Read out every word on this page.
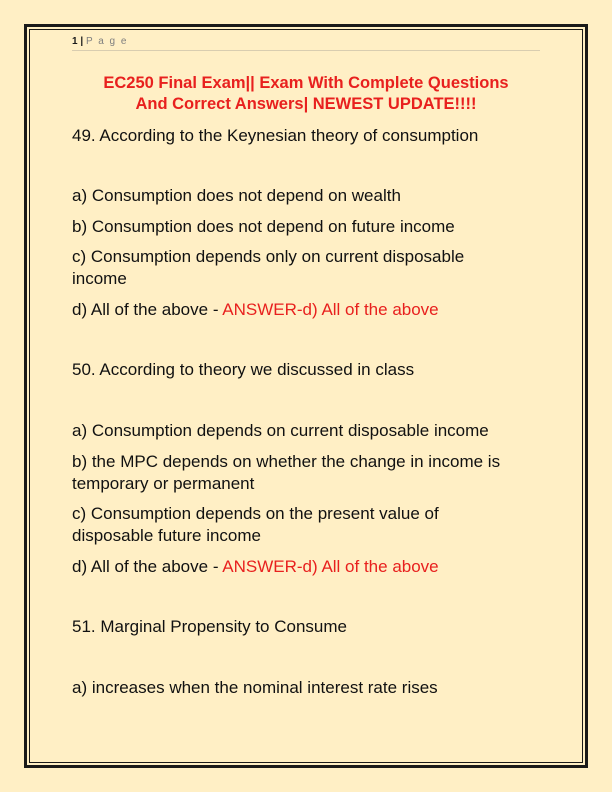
1 | P a g e
EC250 Final Exam|| Exam With Complete Questions
And Correct Answers| NEWEST UPDATE!!!!
49. According to the Keynesian theory of consumption
a) Consumption does not depend on wealth
b) Consumption does not depend on future income
c) Consumption depends only on current disposable
income
d) All of the above - ANSWER-d) All of the above
50. According to theory we discussed in class
a) Consumption depends on current disposable income
b) the MPC depends on whether the change in income is
temporary or permanent
c) Consumption depends on the present value of
disposable future income
d) All of the above - ANSWER-d) All of the above
51. Marginal Propensity to Consume
a) increases when the nominal interest rate rises
